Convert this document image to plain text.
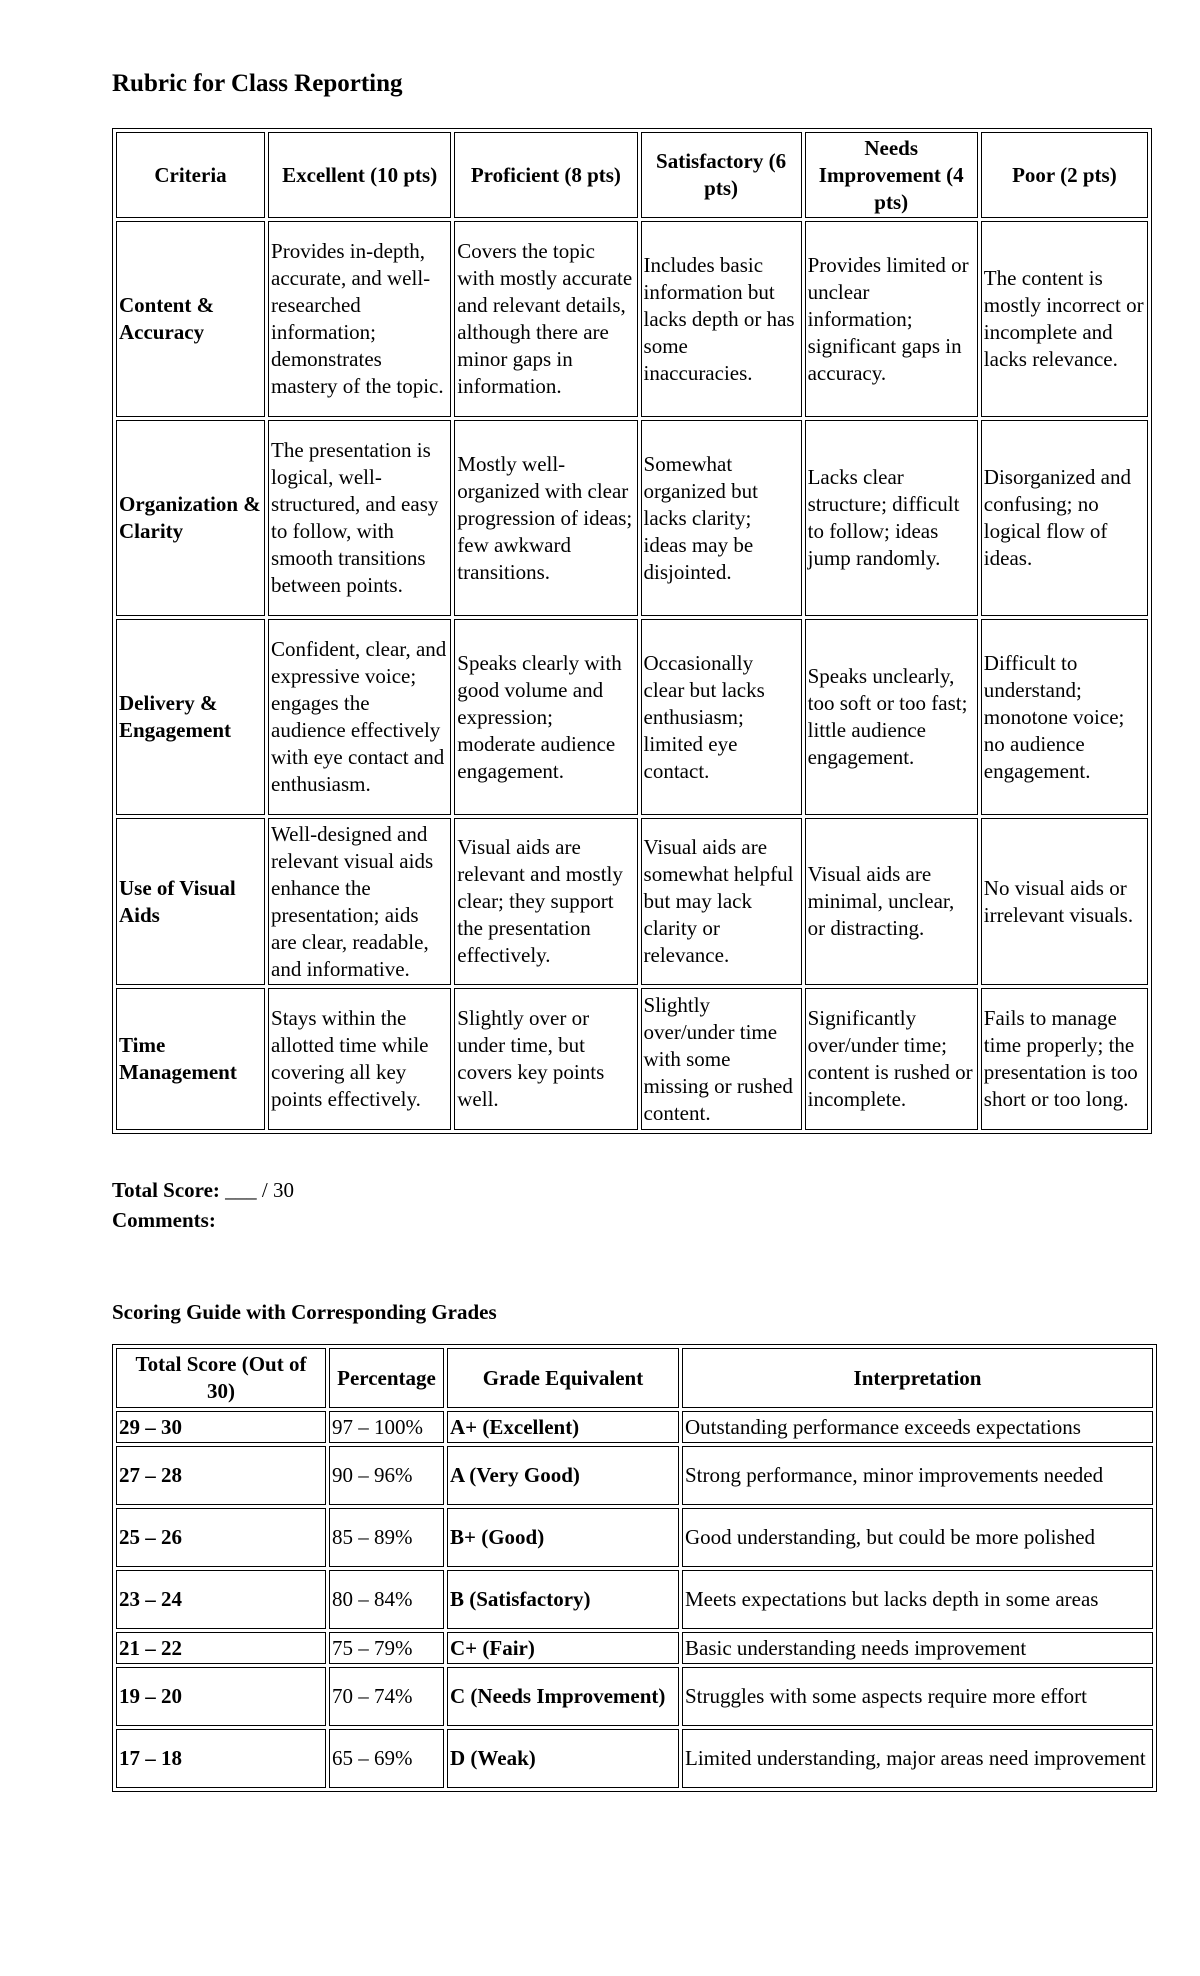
Rubric for Class Reporting
Criteria	Excellent (10 pts)	Proficient (8 pts)	Satisfactory (6 pts)	Needs Improvement (4 pts)	Poor (2 pts)
Content & Accuracy	Provides in-depth, accurate, and well-researched information; demonstrates mastery of the topic.	Covers the topic with mostly accurate and relevant details, although there are minor gaps in information.	Includes basic information but lacks depth or has some inaccuracies.	Provides limited or unclear information; significant gaps in accuracy.	The content is mostly incorrect or incomplete and lacks relevance.
Organization & Clarity	The presentation is logical, well-structured, and easy to follow, with smooth transitions between points.	Mostly well-organized with clear progression of ideas; few awkward transitions.	Somewhat organized but lacks clarity; ideas may be disjointed.	Lacks clear structure; difficult to follow; ideas jump randomly.	Disorganized and confusing; no logical flow of ideas.
Delivery & Engagement	Confident, clear, and expressive voice; engages the audience effectively with eye contact and enthusiasm.	Speaks clearly with good volume and expression; moderate audience engagement.	Occasionally clear but lacks enthusiasm; limited eye contact.	Speaks unclearly, too soft or too fast; little audience engagement.	Difficult to understand; monotone voice; no audience engagement.
Use of Visual Aids	Well-designed and relevant visual aids enhance the presentation; aids are clear, readable, and informative.	Visual aids are relevant and mostly clear; they support the presentation effectively.	Visual aids are somewhat helpful but may lack clarity or relevance.	Visual aids are minimal, unclear, or distracting.	No visual aids or irrelevant visuals.
Time Management	Stays within the allotted time while covering all key points effectively.	Slightly over or under time, but covers key points well.	Slightly over/under time with some missing or rushed content.	Significantly over/under time; content is rushed or incomplete.	Fails to manage time properly; the presentation is too short or too long.
Total Score: ___ / 30
Comments:
Scoring Guide with Corresponding Grades
Total Score (Out of 30)	Percentage	Grade Equivalent	Interpretation
29 – 30	97 – 100%	A+ (Excellent)	Outstanding performance exceeds expectations
27 – 28	90 – 96%	A (Very Good)	Strong performance, minor improvements needed
25 – 26	85 – 89%	B+ (Good)	Good understanding, but could be more polished
23 – 24	80 – 84%	B (Satisfactory)	Meets expectations but lacks depth in some areas
21 – 22	75 – 79%	C+ (Fair)	Basic understanding needs improvement
19 – 20	70 – 74%	C (Needs Improvement)	Struggles with some aspects require more effort
17 – 18	65 – 69%	D (Weak)	Limited understanding, major areas need improvement
